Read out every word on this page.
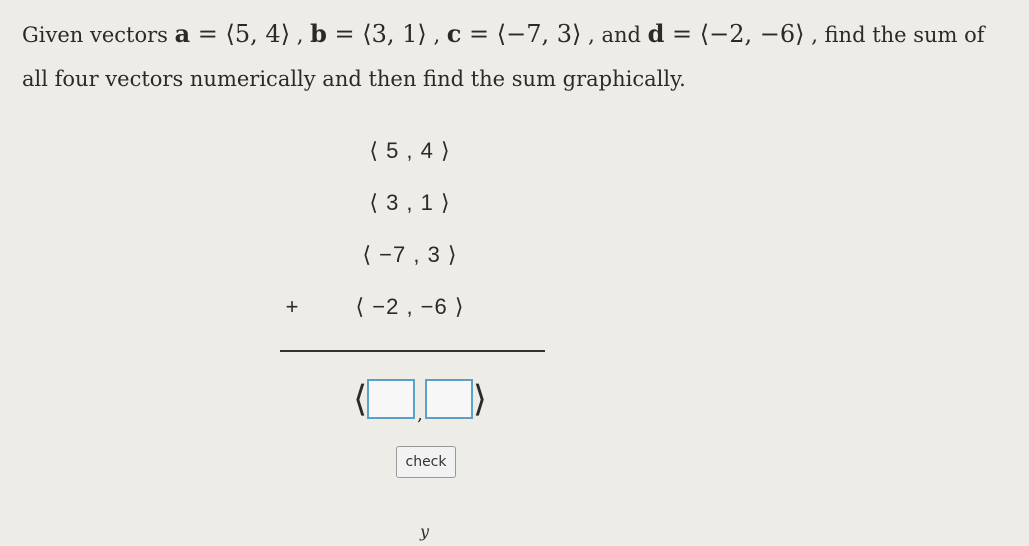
Given vectors a = ⟨5, 4⟩ , b = ⟨3, 1⟩ , c = ⟨−7, 3⟩ , and d = ⟨−2, −6⟩ , find the sum of all four vectors numerically and then find the sum graphically.
⟨ 5 , 4 ⟩
⟨ 3 , 1 ⟩
⟨ −7 , 3 ⟩
+	⟨ −2 , −6 ⟩
⟨	, ⟩
check
y
